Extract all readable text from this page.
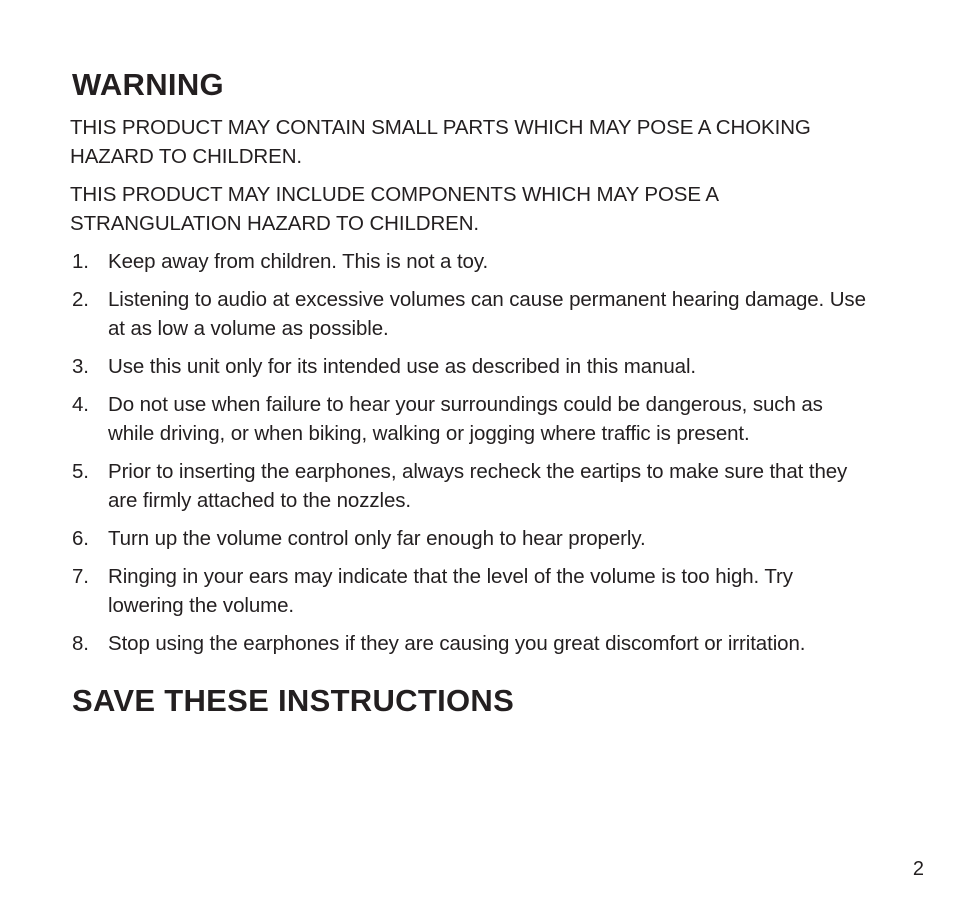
WARNING

THIS PRODUCT MAY CONTAIN SMALL PARTS WHICH MAY POSE A CHOKING HAZARD TO CHILDREN.

THIS PRODUCT MAY INCLUDE COMPONENTS WHICH MAY POSE A STRANGULATION HAZARD TO CHILDREN.

1. Keep away from children. This is not a toy.
2. Listening to audio at excessive volumes can cause permanent hearing damage. Use at as low a volume as possible.
3. Use this unit only for its intended use as described in this manual.
4. Do not use when failure to hear your surroundings could be dangerous, such as while driving, or when biking, walking or jogging where traffic is present.
5. Prior to inserting the earphones, always recheck the eartips to make sure that they are firmly attached to the nozzles.
6. Turn up the volume control only far enough to hear properly.
7. Ringing in your ears may indicate that the level of the volume is too high. Try lowering the volume.
8. Stop using the earphones if they are causing you great discomfort or irritation.
SAVE THESE INSTRUCTIONS
2
